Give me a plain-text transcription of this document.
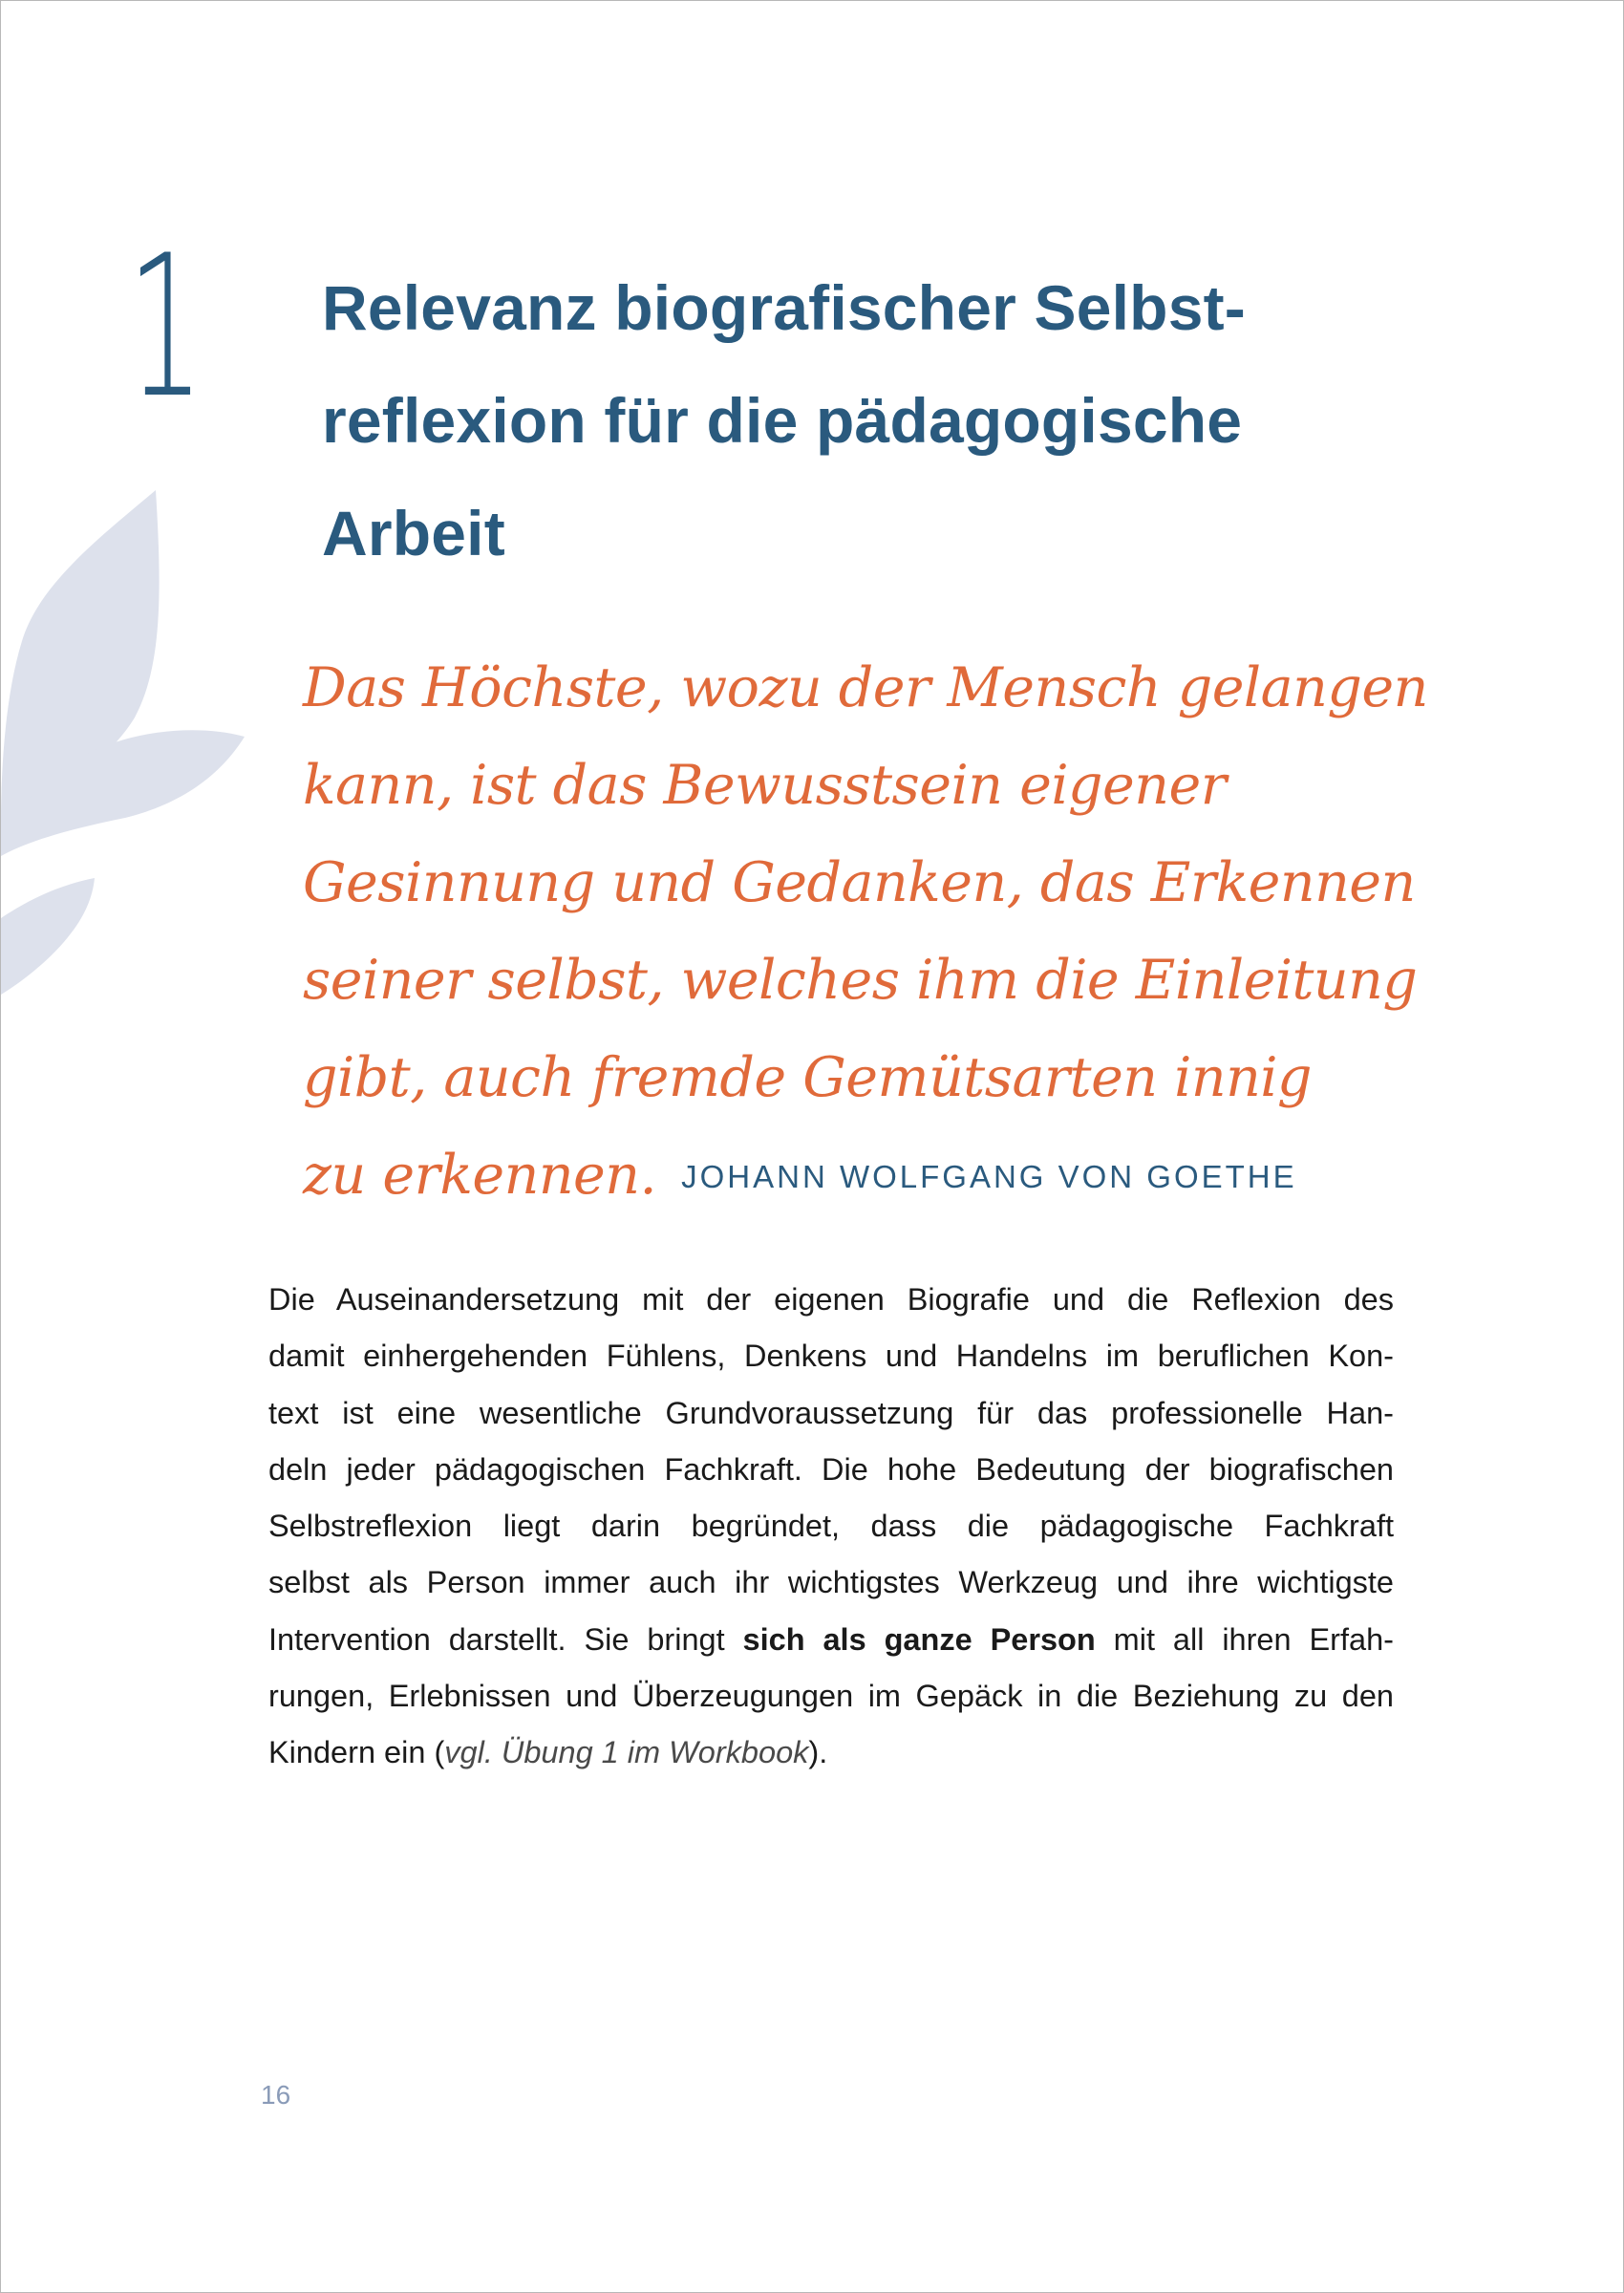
1 Relevanz biografischer Selbst-
reflexion für die pädagogische
Arbeit
Das Höchste, wozu der Mensch gelangen
kann, ist das Bewusstsein eigener
Gesinnung und Gedanken, das Erkennen
seiner selbst, welches ihm die Einleitung
gibt, auch fremde Gemütsarten innig
zu erkennen. JOHANN WOLFGANG VON GOETHE
Die Auseinandersetzung mit der eigenen Biografie und die Reflexion des
damit einhergehenden Fühlens, Denkens und Handelns im beruflichen Kon-
text ist eine wesentliche Grundvoraussetzung für das professionelle Han-
deln jeder pädagogischen Fachkraft. Die hohe Bedeutung der biografischen
Selbstreflexion liegt darin begründet, dass die pädagogische Fachkraft
selbst als Person immer auch ihr wichtigstes Werkzeug und ihre wichtigste
Intervention darstellt. Sie bringt sich als ganze Person mit all ihren Erfah-
rungen, Erlebnissen und Überzeugungen im Gepäck in die Beziehung zu den
Kindern ein (vgl. Übung 1 im Workbook).
16
